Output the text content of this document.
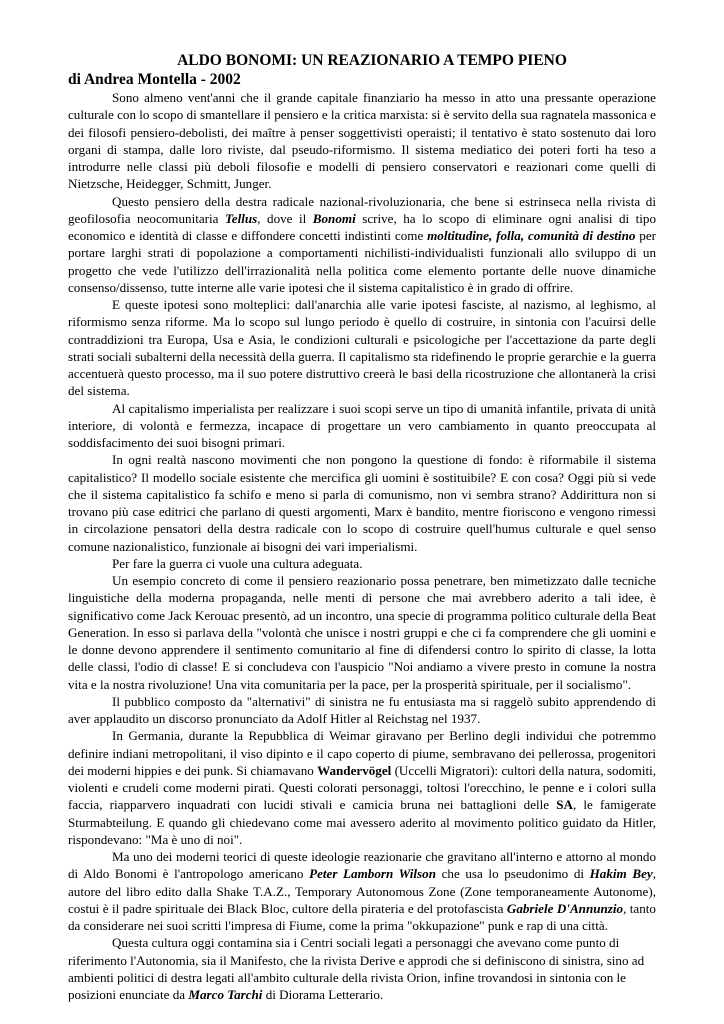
ALDO BONOMI: UN REAZIONARIO A TEMPO PIENO
di Andrea Montella - 2002

Sono almeno vent'anni che il grande capitale finanziario ha messo in atto una pressante operazione culturale con lo scopo di smantellare il pensiero e la critica marxista: si è servito della sua ragnatela massonica e dei filosofi pensiero-debolisti, dei maître à penser soggettivisti operaisti; il tentativo è stato sostenuto dai loro organi di stampa, dalle loro riviste, dal pseudo-riformismo. Il sistema mediatico dei poteri forti ha teso a introdurre nelle classi più deboli filosofie e modelli di pensiero conservatori e reazionari come quelli di Nietzsche, Heidegger, Schmitt, Junger.

Questo pensiero della destra radicale nazional-rivoluzionaria, che bene si estrinseca nella rivista di geofilosofia neocomunitaria Tellus, dove il Bonomi scrive, ha lo scopo di eliminare ogni analisi di tipo economico e identità di classe e diffondere concetti indistinti come moltitudine, folla, comunità di destino per portare larghi strati di popolazione a comportamenti nichilisti-individualisti funzionali allo sviluppo di un progetto che vede l'utilizzo dell'irrazionalità nella politica come elemento portante delle nuove dinamiche consenso/dissenso, tutte interne alle varie ipotesi che il sistema capitalistico è in grado di offrire.

E queste ipotesi sono molteplici: dall'anarchia alle varie ipotesi fasciste, al nazismo, al leghismo, al riformismo senza riforme. Ma lo scopo sul lungo periodo è quello di costruire, in sintonia con l'acuirsi delle contraddizioni tra Europa, Usa e Asia, le condizioni culturali e psicologiche per l'accettazione da parte degli strati sociali subalterni della necessità della guerra. Il capitalismo sta ridefinendo le proprie gerarchie e la guerra accentuerà questo processo, ma il suo potere distruttivo creerà le basi della ricostruzione che allontanerà la crisi del sistema.

Al capitalismo imperialista per realizzare i suoi scopi serve un tipo di umanità infantile, privata di unità interiore, di volontà e fermezza, incapace di progettare un vero cambiamento in quanto preoccupata al soddisfacimento dei suoi bisogni primari.

In ogni realtà nascono movimenti che non pongono la questione di fondo: è riformabile il sistema capitalistico? Il modello sociale esistente che mercifica gli uomini è sostituibile? E con cosa? Oggi più si vede che il sistema capitalistico fa schifo e meno si parla di comunismo, non vi sembra strano? Addirittura non si trovano più case editrici che parlano di questi argomenti, Marx è bandito, mentre fioriscono e vengono rimessi in circolazione pensatori della destra radicale con lo scopo di costruire quell'humus culturale e quel senso comune nazionalistico, funzionale ai bisogni dei vari imperialismi.

Per fare la guerra ci vuole una cultura adeguata.

Un esempio concreto di come il pensiero reazionario possa penetrare, ben mimetizzato dalle tecniche linguistiche della moderna propaganda, nelle menti di persone che mai avrebbero aderito a tali idee, è significativo come Jack Kerouac presentò, ad un incontro, una specie di programma politico culturale della Beat Generation. In esso si parlava della "volontà che unisce i nostri gruppi e che ci fa comprendere che gli uomini e le donne devono apprendere il sentimento comunitario al fine di difendersi contro lo spirito di classe, la lotta delle classi, l'odio di classe! E si concludeva con l'auspicio "Noi andiamo a vivere presto in comune la nostra vita e la nostra rivoluzione! Una vita comunitaria per la pace, per la prosperità spirituale, per il socialismo".

Il pubblico composto da "alternativi" di sinistra ne fu entusiasta ma si raggelò subito apprendendo di aver applaudito un discorso pronunciato da Adolf Hitler al Reichstag nel 1937.

In Germania, durante la Repubblica di Weimar giravano per Berlino degli individui che potremmo definire indiani metropolitani, il viso dipinto e il capo coperto di piume, sembravano dei pellerossa, progenitori dei moderni hippies e dei punk. Si chiamavano Wandervögel (Uccelli Migratori): cultori della natura, sodomiti, violenti e crudeli come moderni pirati. Questi colorati personaggi, toltosi l'orecchino, le penne e i colori sulla faccia, riapparvero inquadrati con lucidi stivali e camicia bruna nei battaglioni delle SA, le famigerate Sturmabteilung. E quando gli chiedevano come mai avessero aderito al movimento politico guidato da Hitler, rispondevano: "Ma è uno di noi".

Ma uno dei moderni teorici di queste ideologie reazionarie che gravitano all'interno e attorno al mondo di Aldo Bonomi è l'antropologo americano Peter Lamborn Wilson che usa lo pseudonimo di Hakim Bey, autore del libro edito dalla Shake T.A.Z., Temporary Autonomous Zone (Zone temporaneamente Autonome), costui è il padre spirituale dei Black Bloc, cultore della pirateria e del protofascista Gabriele D'Annunzio, tanto da considerare nei suoi scritti l'impresa di Fiume, come la prima "okkupazione" punk e rap di una città.

Questa cultura oggi contamina sia i Centri sociali legati a personaggi che avevano come punto di riferimento l'Autonomia, sia il Manifesto, che la rivista Derive e approdi che si definiscono di sinistra, sino ad ambienti politici di destra legati all'ambito culturale della rivista Orion, infine trovandosi in sintonia con le posizioni enunciate da Marco Tarchi di Diorama Letterario.
